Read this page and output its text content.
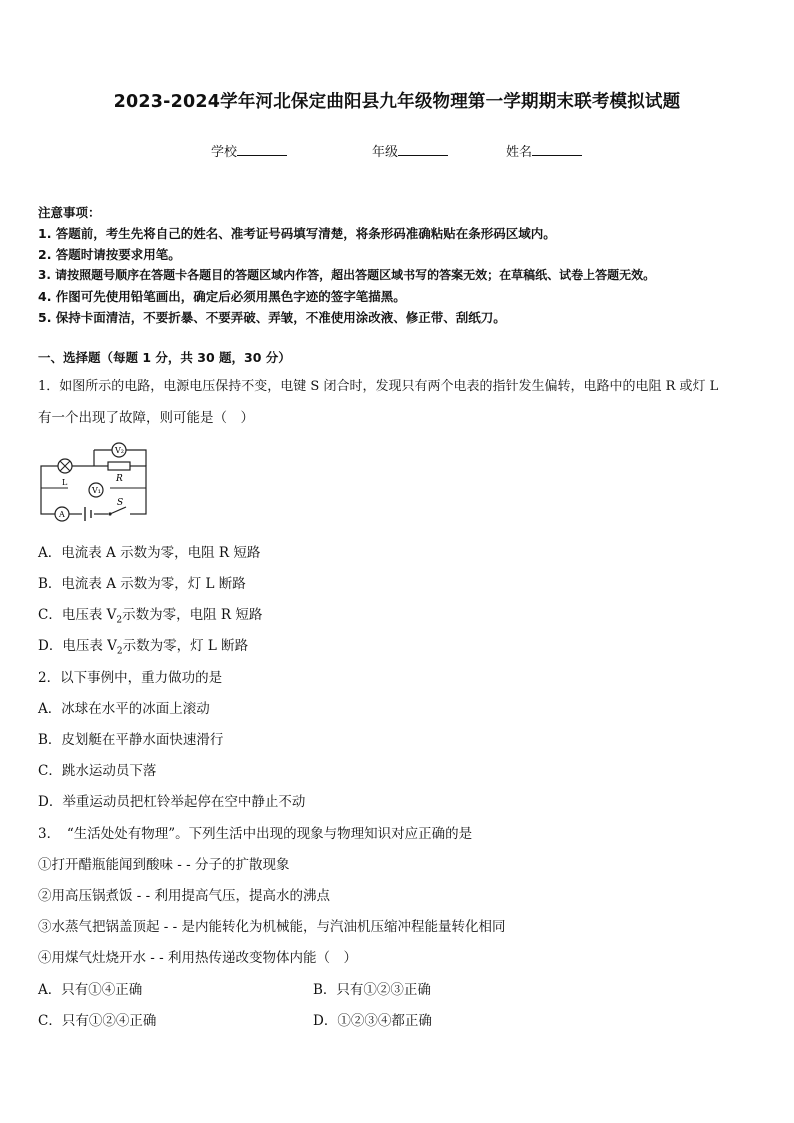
2023-2024学年河北保定曲阳县九年级物理第一学期期末联考模拟试题
学校	年级	姓名
注意事项：
1. 答题前，考生先将自己的姓名、准考证号码填写清楚，将条形码准确粘贴在条形码区域内。
2. 答题时请按要求用笔。
3. 请按照题号顺序在答题卡各题目的答题区域内作答，超出答题区域书写的答案无效；在草稿纸、试卷上答题无效。
4. 作图可先使用铅笔画出，确定后必须用黑色字迹的签字笔描黑。
5. 保持卡面清洁，不要折暴、不要弄破、弄皱，不准使用涂改液、修正带、刮纸刀。
一、选择题（每题 1 分，共 30 题，30 分）
1．如图所示的电路，电源电压保持不变，电键 S 闭合时，发现只有两个电表的指针发生偏转，电路中的电阻 R 或灯 L
有一个出现了故障，则可能是（　）
V₂
R
L
V₁
A
S
A．电流表 A 示数为零，电阻 R 短路
B．电流表 A 示数为零，灯 L 断路
C．电压表 $V_2$示数为零，电阻 R 短路
D．电压表 $V_2$示数为零，灯 L 断路
2．以下事例中，重力做功的是
A．冰球在水平的冰面上滚动
B．皮划艇在平静水面快速滑行
C．跳水运动员下落
D．举重运动员把杠铃举起停在空中静止不动
3．　“生活处处有物理”。下列生活中出现的现象与物理知识对应正确的是
①打开醋瓶能闻到酸味 - - 分子的扩散现象
②用高压锅煮饭 - - 利用提高气压，提高水的沸点
③水蒸气把锅盖顶起 - - 是内能转化为机械能，与汽油机压缩冲程能量转化相同
④用煤气灶烧开水 - - 利用热传递改变物体内能（　）
A．只有①④正确	B．只有①②③正确
C．只有①②④正确	D．①②③④都正确
